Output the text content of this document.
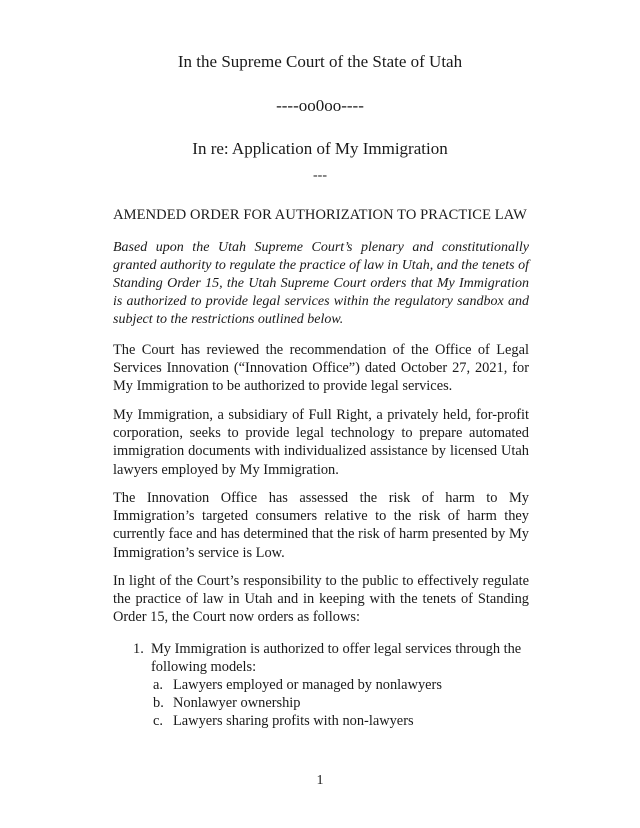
In the Supreme Court of the State of Utah
----oo0oo----
In re: Application of My Immigration
---
AMENDED ORDER FOR AUTHORIZATION TO PRACTICE LAW

Based upon the Utah Supreme Court’s plenary and constitutionally granted authority to regulate the practice of law in Utah, and the tenets of Standing Order 15, the Utah Supreme Court orders that My Immigration is authorized to provide legal services within the regulatory sandbox and subject to the restrictions outlined below.

The Court has reviewed the recommendation of the Office of Legal Services Innovation (“Innovation Office”) dated October 27, 2021, for My Immigration to be authorized to provide legal services.

My Immigration, a subsidiary of Full Right, a privately held, for-profit corporation, seeks to provide legal technology to prepare automated immigration documents with individualized assistance by licensed Utah lawyers employed by My Immigration.

The Innovation Office has assessed the risk of harm to My Immigration’s targeted consumers relative to the risk of harm they currently face and has determined that the risk of harm presented by My Immigration’s service is Low.

In light of the Court’s responsibility to the public to effectively regulate the practice of law in Utah and in keeping with the tenets of Standing Order 15, the Court now orders as follows:

1. My Immigration is authorized to offer legal services through the following models:
a. Lawyers employed or managed by nonlawyers
b. Nonlawyer ownership
c. Lawyers sharing profits with non-lawyers
1
